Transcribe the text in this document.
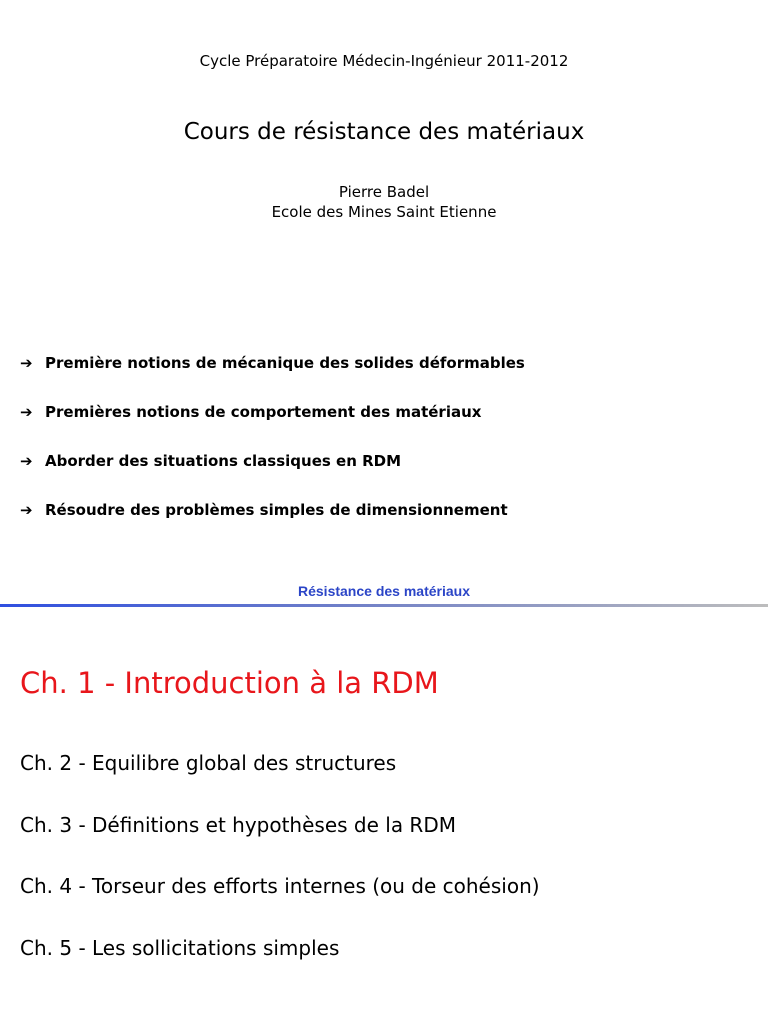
Cycle Préparatoire Médecin-Ingénieur 2011-2012
Cours de résistance des matériaux
Pierre Badel
Ecole des Mines Saint Etienne
➔ Première notions de mécanique des solides déformables
➔ Premières notions de comportement des matériaux
➔ Aborder des situations classiques en RDM
➔ Résoudre des problèmes simples de dimensionnement
Résistance des matériaux
Ch. 1 - Introduction à la RDM
Ch. 2 - Equilibre global des structures
Ch. 3 - Définitions et hypothèses de la RDM
Ch. 4 - Torseur des efforts internes (ou de cohésion)
Ch. 5 - Les sollicitations simples
